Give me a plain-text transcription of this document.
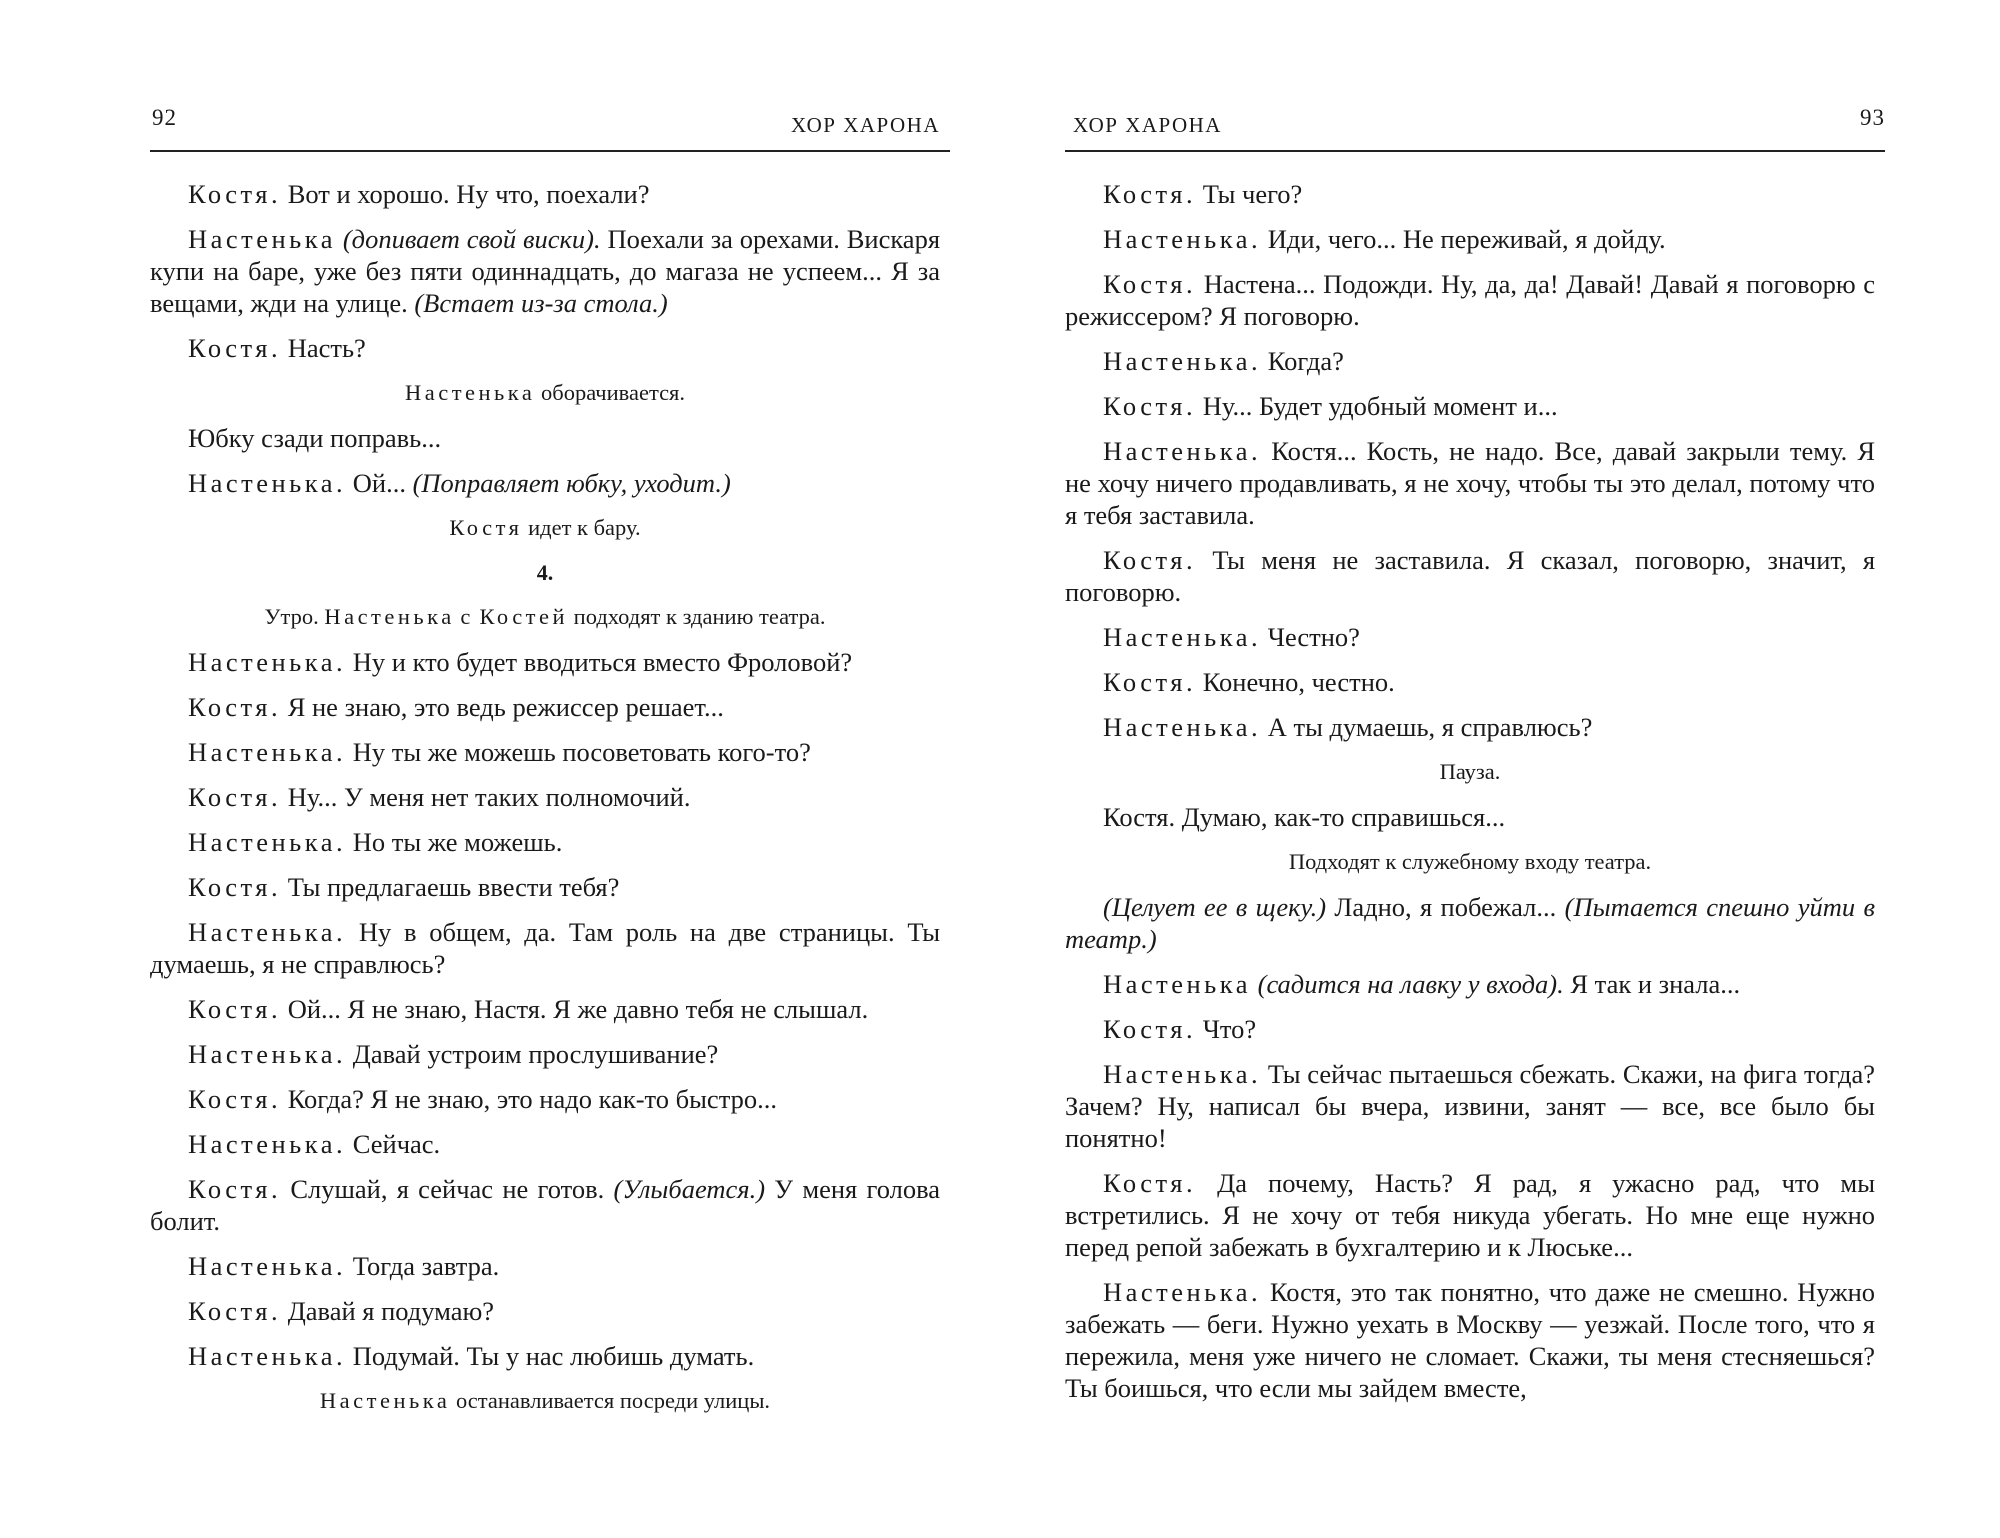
92	ХОР ХАРОНА

Костя. Вот и хорошо. Ну что, поехали?

Настенька (допивает свой виски). Поехали за орехами. Вискаря купи на баре, уже без пяти одиннадцать, до магаза не успеем... Я за вещами, жди на улице. (Встает из-за стола.)

Костя. Насть?

Настенька оборачивается.

Юбку сзади поправь...

Настенька. Ой... (Поправляет юбку, уходит.)

Костя идет к бару.

4.

Утро. Настенька с Костей подходят к зданию театра.

Настенька. Ну и кто будет вводиться вместо Фроловой?

Костя. Я не знаю, это ведь режиссер решает...

Настенька. Ну ты же можешь посоветовать кого-то?

Костя. Ну... У меня нет таких полномочий.

Настенька. Но ты же можешь.

Костя. Ты предлагаешь ввести тебя?

Настенька. Ну в общем, да. Там роль на две страницы. Ты думаешь, я не справлюсь?

Костя. Ой... Я не знаю, Настя. Я же давно тебя не слышал.

Настенька. Давай устроим прослушивание?

Костя. Когда? Я не знаю, это надо как-то быстро...

Настенька. Сейчас.

Костя. Слушай, я сейчас не готов. (Улыбается.) У меня голова болит.

Настенька. Тогда завтра.

Костя. Давай я подумаю?

Настенька. Подумай. Ты у нас любишь думать.

Настенька останавливается посреди улицы.

ХОР ХАРОНА	93

Костя. Ты чего?

Настенька. Иди, чего... Не переживай, я дойду.

Костя. Настена... Подожди. Ну, да, да! Давай! Давай я поговорю с режиссером? Я поговорю.

Настенька. Когда?

Костя. Ну... Будет удобный момент и...

Настенька. Костя... Кость, не надо. Все, давай закрыли тему. Я не хочу ничего продавливать, я не хочу, чтобы ты это делал, потому что я тебя заставила.

Костя. Ты меня не заставила. Я сказал, поговорю, значит, я поговорю.

Настенька. Честно?

Костя. Конечно, честно.

Настенька. А ты думаешь, я справлюсь?

Пауза.

Костя. Думаю, как-то справишься...

Подходят к служебному входу театра.

(Целует ее в щеку.) Ладно, я побежал... (Пытается спешно уйти в театр.)

Настенька (садится на лавку у входа). Я так и знала...

Костя. Что?

Настенька. Ты сейчас пытаешься сбежать. Скажи, на фига тогда? Зачем? Ну, написал бы вчера, извини, занят — все, все было бы понятно!

Костя. Да почему, Насть? Я рад, я ужасно рад, что мы встретились. Я не хочу от тебя никуда убегать. Но мне еще нужно перед репой забежать в бухгалтерию и к Люське...

Настенька. Костя, это так понятно, что даже не смешно. Нужно забежать — беги. Нужно уехать в Москву — уезжай. После того, что я пережила, меня уже ничего не сломает. Скажи, ты меня стесняешься? Ты боишься, что если мы зайдем вместе,
